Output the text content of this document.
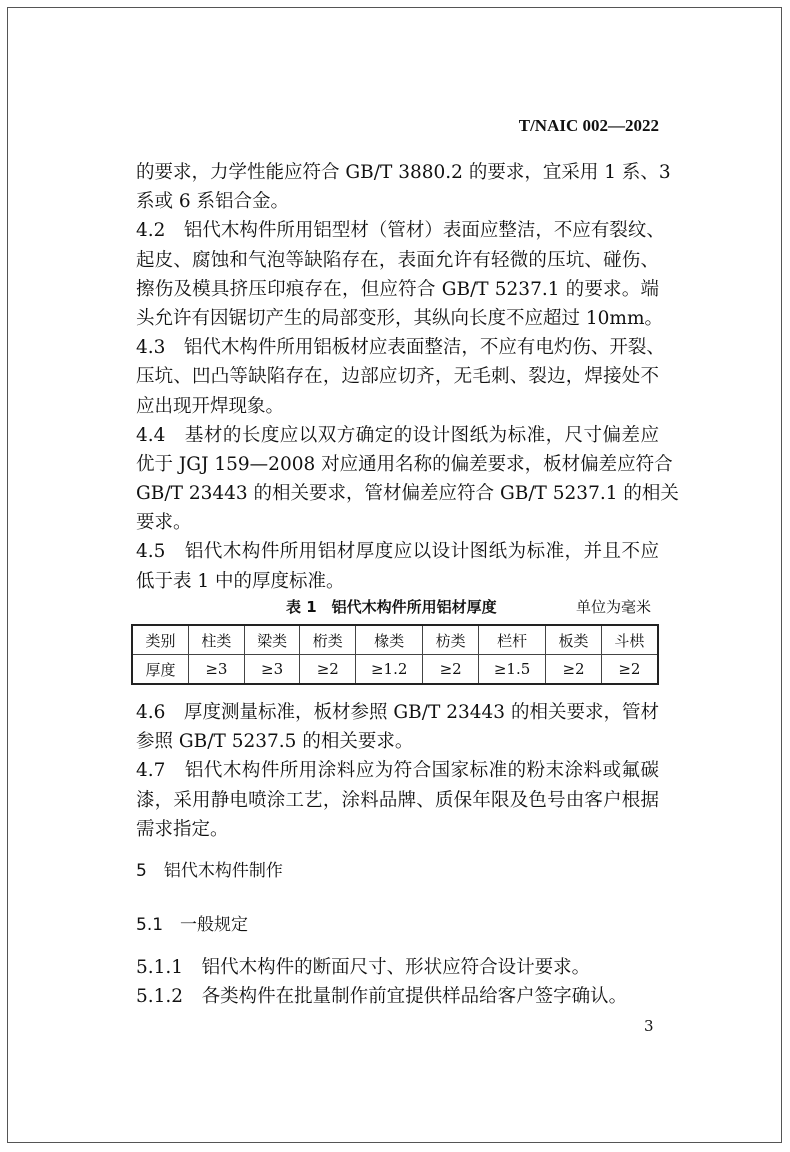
T/NAIC 002—2022
的要求，力学性能应符合 GB/T 3880.2 的要求，宜采用 1 系、3
系或 6 系铝合金。
4.2　铝代木构件所用铝型材（管材）表面应整洁，不应有裂纹、
起皮、腐蚀和气泡等缺陷存在，表面允许有轻微的压坑、碰伤、
擦伤及模具挤压印痕存在，但应符合 GB/T 5237.1 的要求。端
头允许有因锯切产生的局部变形，其纵向长度不应超过 10mm。
4.3　铝代木构件所用铝板材应表面整洁，不应有电灼伤、开裂、
压坑、凹凸等缺陷存在，边部应切齐，无毛刺、裂边，焊接处不
应出现开焊现象。
4.4　基材的长度应以双方确定的设计图纸为标准，尺寸偏差应
优于 JGJ 159—2008 对应通用名称的偏差要求，板材偏差应符合
GB/T 23443 的相关要求，管材偏差应符合 GB/T 5237.1 的相关
要求。
4.5　铝代木构件所用铝材厚度应以设计图纸为标准，并且不应
低于表 1 中的厚度标准。
表 1　铝代木构件所用铝材厚度	单位为毫米
类别	柱类	梁类	桁类	椽类	枋类	栏杆	板类	斗栱
厚度	≥3	≥3	≥2	≥1.2	≥2	≥1.5	≥2	≥2
4.6　厚度测量标准，板材参照 GB/T 23443 的相关要求，管材
参照 GB/T 5237.5 的相关要求。
4.7　铝代木构件所用涂料应为符合国家标准的粉末涂料或氟碳
漆，采用静电喷涂工艺，涂料品牌、质保年限及色号由客户根据
需求指定。
5　铝代木构件制作
5.1　一般规定
5.1.1　铝代木构件的断面尺寸、形状应符合设计要求。
5.1.2　各类构件在批量制作前宜提供样品给客户签字确认。
3
